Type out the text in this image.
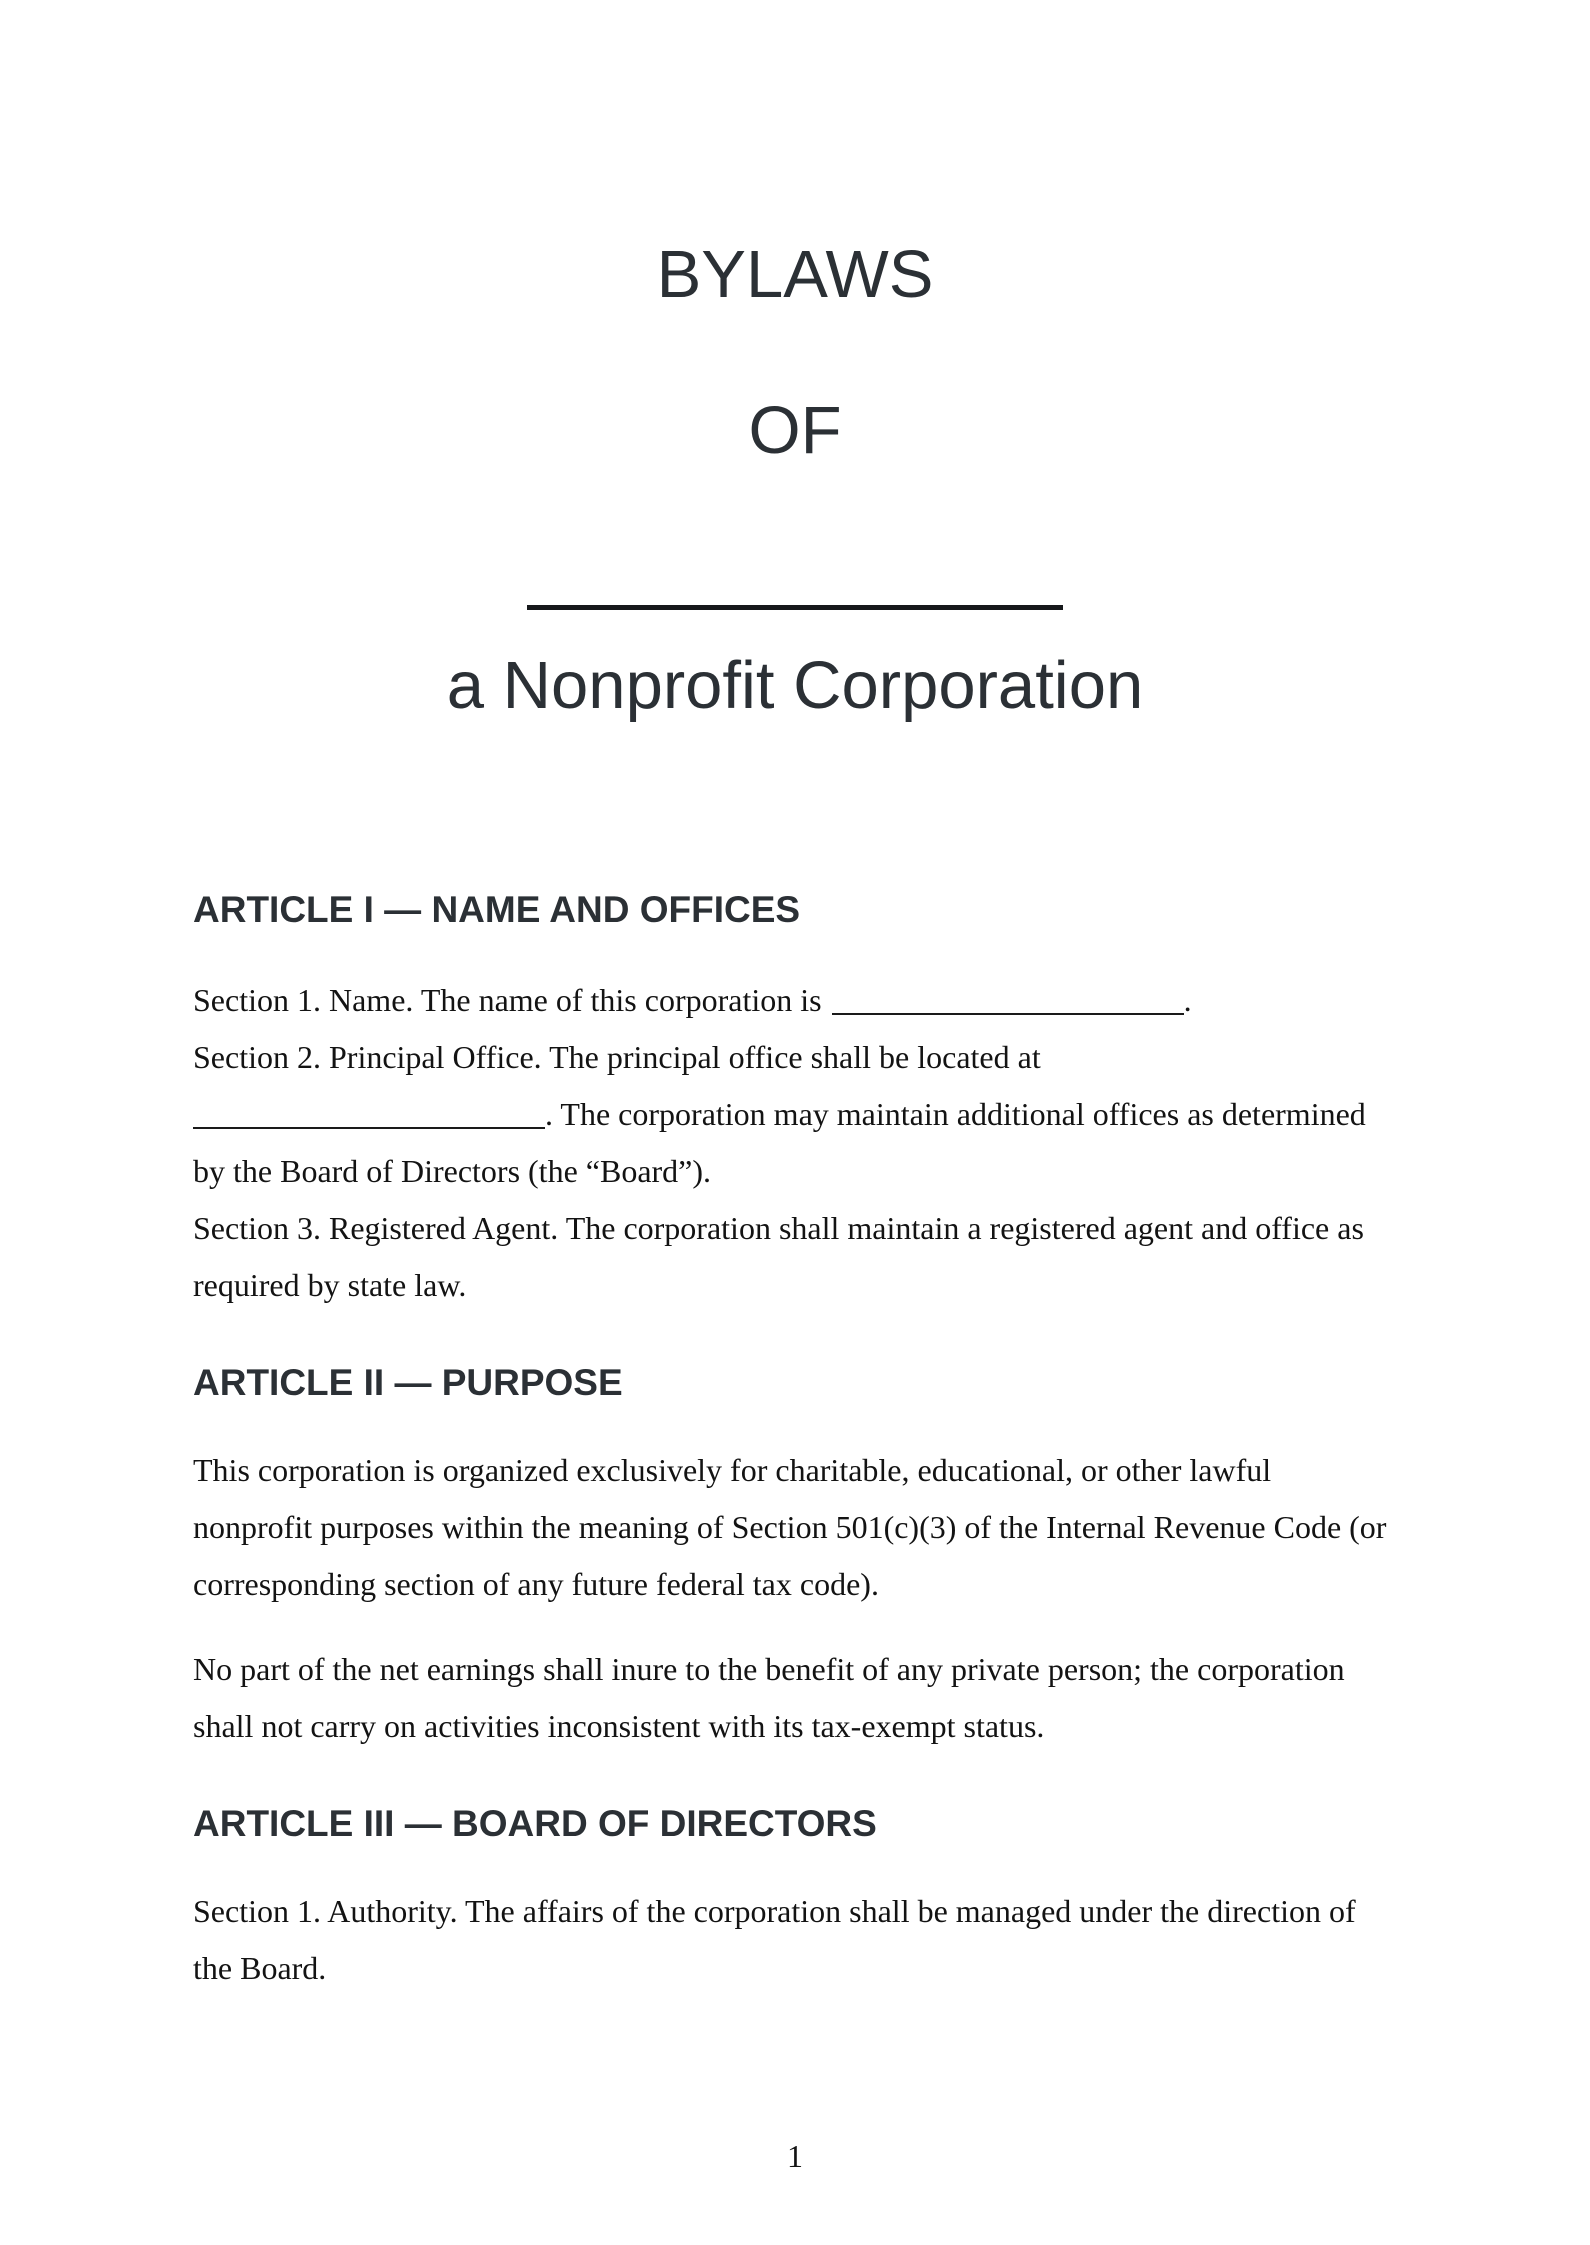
BYLAWS
OF
a Nonprofit Corporation
ARTICLE I — NAME AND OFFICES
Section 1. Name. The name of this corporation is	.
Section 2. Principal Office. The principal office shall be located at
. The corporation may maintain additional offices as determined
by the Board of Directors (the “Board”).
Section 3. Registered Agent. The corporation shall maintain a registered agent and office as
required by state law.
ARTICLE II — PURPOSE
This corporation is organized exclusively for charitable, educational, or other lawful
nonprofit purposes within the meaning of Section 501(c)(3) of the Internal Revenue Code (or
corresponding section of any future federal tax code).
No part of the net earnings shall inure to the benefit of any private person; the corporation
shall not carry on activities inconsistent with its tax-exempt status.
ARTICLE III — BOARD OF DIRECTORS
Section 1. Authority. The affairs of the corporation shall be managed under the direction of
the Board.
1
